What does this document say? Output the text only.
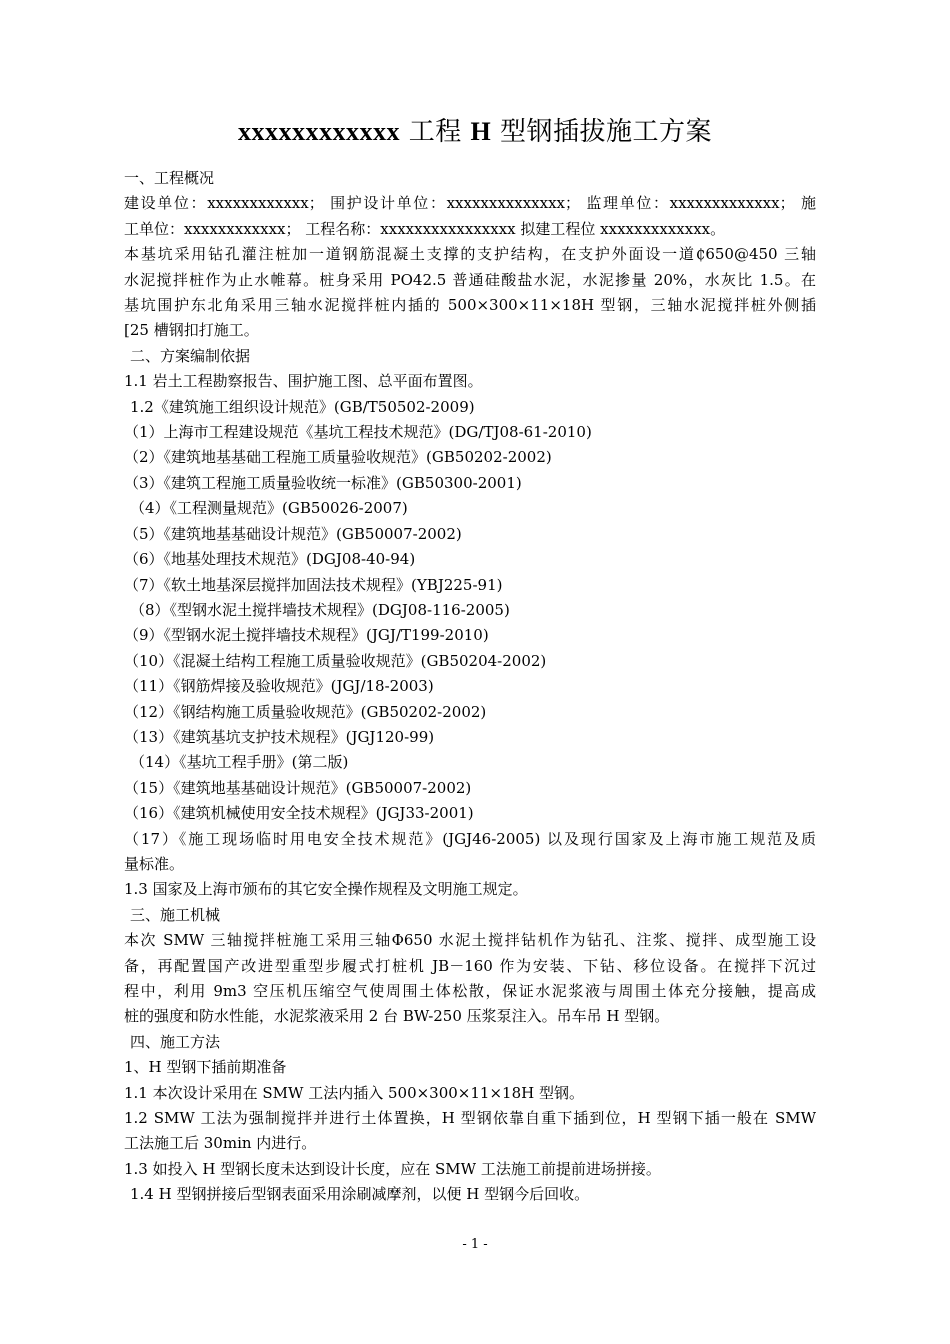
xxxxxxxxxxxx 工程 H 型钢插拔施工方案

一、工程概况

建设单位：xxxxxxxxxxxx； 围护设计单位：xxxxxxxxxxxxxx； 监理单位：xxxxxxxxxxxxx； 施

工单位：xxxxxxxxxxxx； 工程名称：xxxxxxxxxxxxxxxx 拟建工程位 xxxxxxxxxxxxx。

本基坑采用钻孔灌注桩加一道钢筋混凝土支撑的支护结构，在支护外面设一道₵650@450 三轴

水泥搅拌桩作为止水帷幕。桩身采用 PO42.5 普通硅酸盐水泥，水泥掺量 20%，水灰比 1.5。在

基坑围护东北角采用三轴水泥搅拌桩内插的 500×300×11×18H 型钢，三轴水泥搅拌桩外侧插

[25 槽钢扣打施工。

二、方案编制依据

1.1 岩土工程勘察报告、围护施工图、总平面布置图。

1.2《建筑施工组织设计规范》(GB/T50502-2009)

（1）上海市工程建设规范《基坑工程技术规范》(DG/TJ08-61-2010)

（2）《建筑地基基础工程施工质量验收规范》(GB50202-2002)

（3）《建筑工程施工质量验收统一标准》(GB50300-2001)

（4）《工程测量规范》(GB50026-2007)

（5）《建筑地基基础设计规范》(GB50007-2002)

（6）《地基处理技术规范》(DGJ08-40-94)

（7）《软土地基深层搅拌加固法技术规程》(YBJ225-91)

（8）《型钢水泥土搅拌墙技术规程》(DGJ08-116-2005)

（9）《型钢水泥土搅拌墙技术规程》(JGJ/T199-2010)

（10）《混凝土结构工程施工质量验收规范》(GB50204-2002)

（11）《钢筋焊接及验收规范》(JGJ/18-2003)

（12）《钢结构施工质量验收规范》(GB50202-2002)

（13）《建筑基坑支护技术规程》(JGJ120-99)

（14）《基坑工程手册》(第二版)

（15）《建筑地基基础设计规范》(GB50007-2002)

（16）《建筑机械使用安全技术规程》(JGJ33-2001)

（17）《施工现场临时用电安全技术规范》(JGJ46-2005) 以及现行国家及上海市施工规范及质

量标准。

1.3 国家及上海市颁布的其它安全操作规程及文明施工规定。

三、施工机械

本次 SMW 三轴搅拌桩施工采用三轴Φ650 水泥土搅拌钻机作为钻孔、注浆、搅拌、成型施工设

备，再配置国产改进型重型步履式打桩机 JB－160 作为安装、下钻、移位设备。在搅拌下沉过

程中，利用 9m3 空压机压缩空气使周围土体松散，保证水泥浆液与周围土体充分接触，提高成

桩的强度和防水性能，水泥浆液采用 2 台 BW-250 压浆泵注入。吊车吊 H 型钢。

四、施工方法

1、H 型钢下插前期准备

1.1 本次设计采用在 SMW 工法内插入 500×300×11×18H 型钢。

1.2 SMW 工法为强制搅拌并进行土体置换，H 型钢依靠自重下插到位，H 型钢下插一般在 SMW

工法施工后 30min 内进行。

1.3 如投入 H 型钢长度未达到设计长度，应在 SMW 工法施工前提前进场拼接。

1.4 H 型钢拼接后型钢表面采用涂刷减摩剂，以便 H 型钢今后回收。

- 1 -
